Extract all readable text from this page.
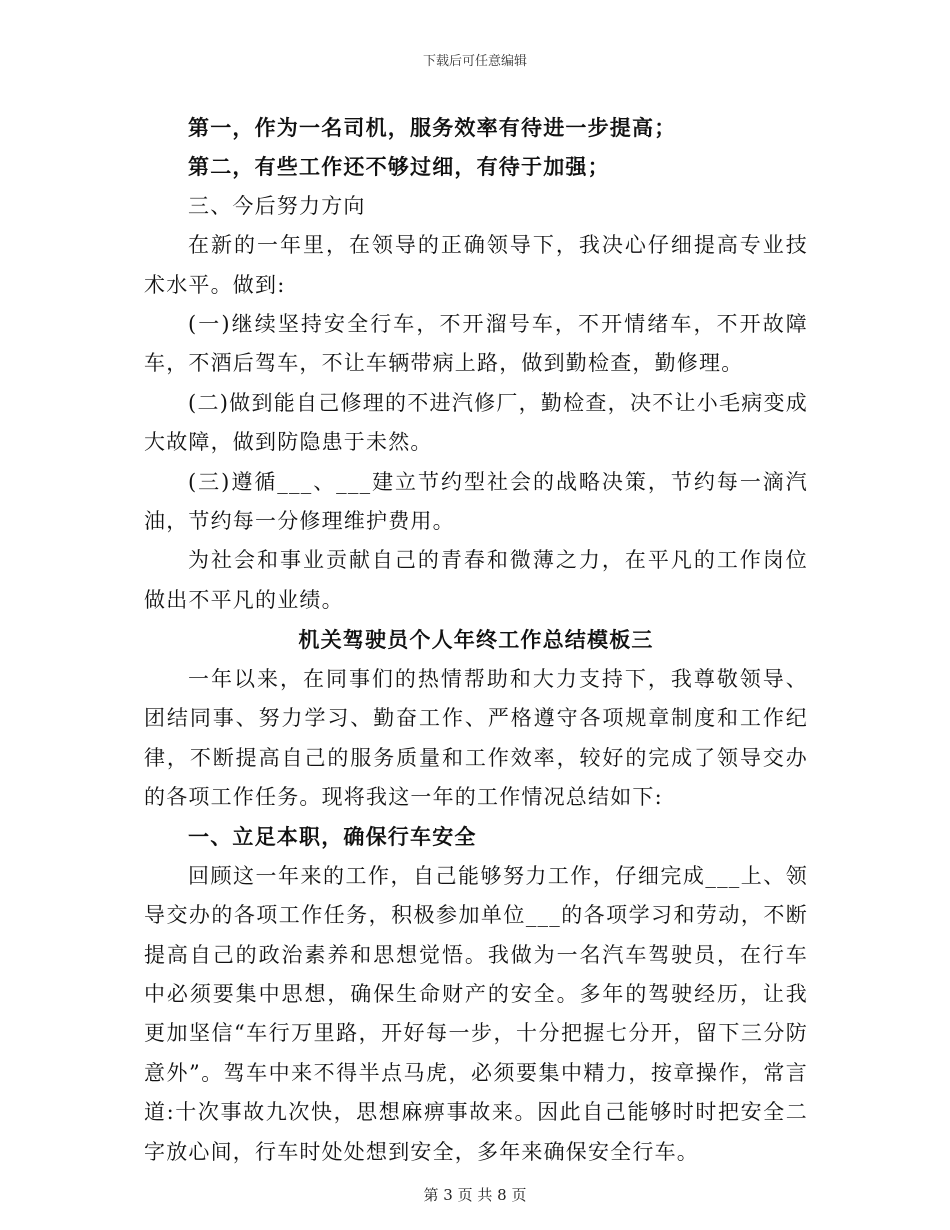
下载后可任意编辑

第一，作为一名司机，服务效率有待进一步提高；

第二，有些工作还不够过细，有待于加强；

三、今后努力方向

在新的一年里，在领导的正确领导下，我决心仔细提高专业技术水平。做到:

(一)继续坚持安全行车，不开溜号车，不开情绪车，不开故障车，不酒后驾车，不让车辆带病上路，做到勤检查，勤修理。

(二)做到能自己修理的不进汽修厂，勤检查，决不让小毛病变成大故障，做到防隐患于未然。

(三)遵循___、___建立节约型社会的战略决策，节约每一滴汽油，节约每一分修理维护费用。

为社会和事业贡献自己的青春和微薄之力，在平凡的工作岗位做出不平凡的业绩。

机关驾驶员个人年终工作总结模板三

一年以来，在同事们的热情帮助和大力支持下，我尊敬领导、团结同事、努力学习、勤奋工作、严格遵守各项规章制度和工作纪律，不断提高自己的服务质量和工作效率，较好的完成了领导交办的各项工作任务。现将我这一年的工作情况总结如下:

一、立足本职，确保行车安全

回顾这一年来的工作，自己能够努力工作，仔细完成___上、领导交办的各项工作任务，积极参加单位___的各项学习和劳动，不断提高自己的政治素养和思想觉悟。我做为一名汽车驾驶员，在行车中必须要集中思想，确保生命财产的安全。多年的驾驶经历，让我更加坚信“车行万里路，开好每一步，十分把握七分开，留下三分防意外”。驾车中来不得半点马虎，必须要集中精力，按章操作，常言道:十次事故九次快，思想麻痹事故来。因此自己能够时时把安全二字放心间，行车时处处想到安全，多年来确保安全行车。

第 3 页 共 8 页
